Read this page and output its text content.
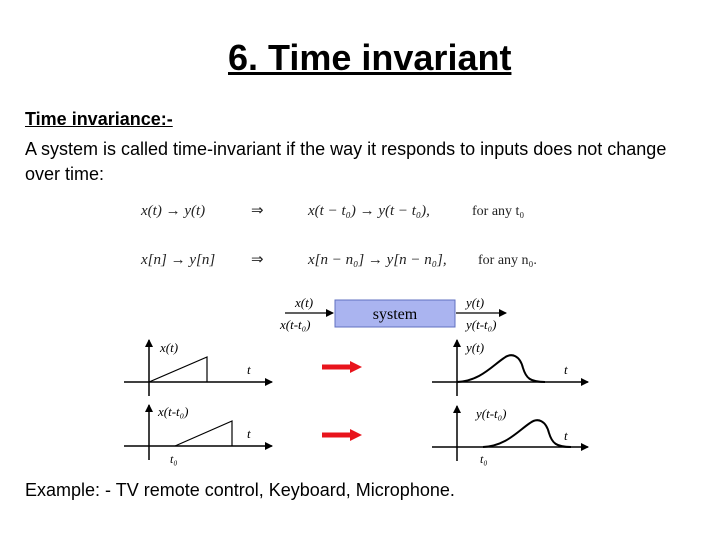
6. Time invariant
Time invariance:-
A system is called time-invariant if the way it responds to inputs does not change over time:
x(t) → y(t)	⇒	x(t − t₀) → y(t − t₀),	for any t₀
x[n] → y[n] ⇒	x[n − n₀] → y[n − n₀], for any n₀.
system
x(t)
x(t-t₀)
y(t)
y(t-t₀)
x(t)
t
x(t-t₀)
t
t₀
y(t)
t
y(t-t₀)
t
t₀
Example: - TV remote control, Keyboard, Microphone.
